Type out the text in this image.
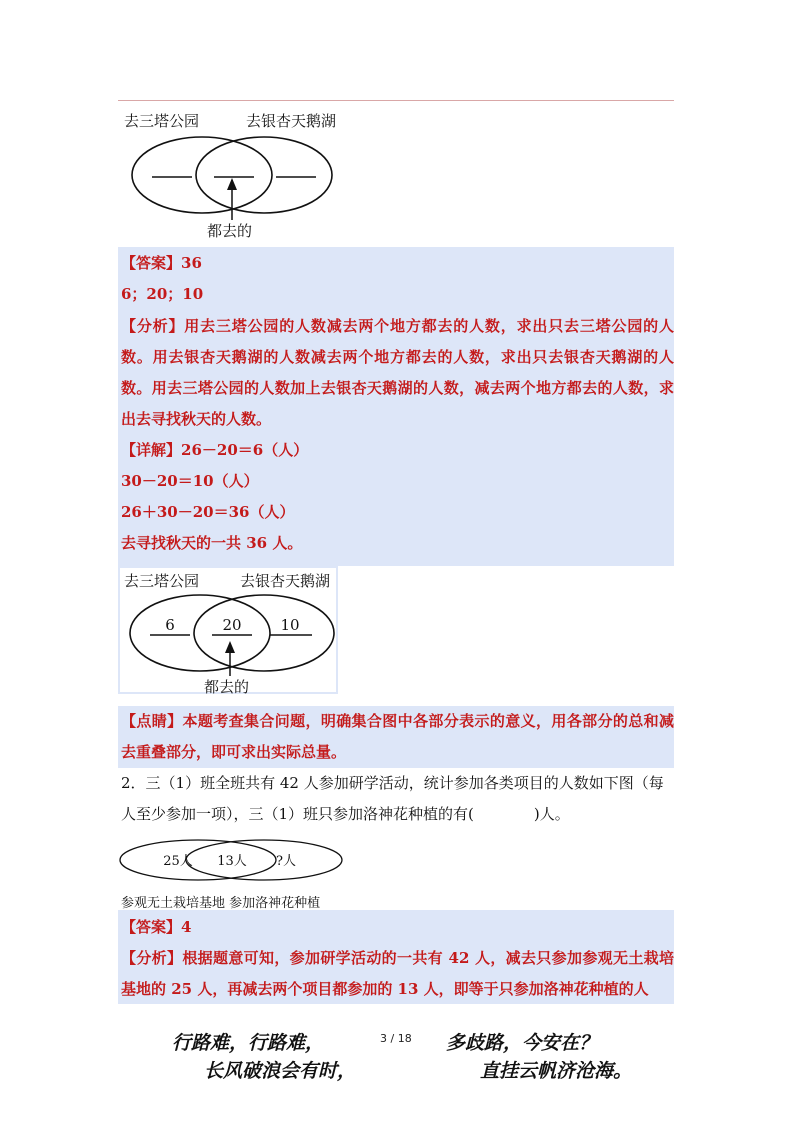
去三塔公园	去银杏天鹅湖
都去的
【答案】36
6；20；10
【分析】用去三塔公园的人数减去两个地方都去的人数，求出只去三塔公园的人数。用去银杏天鹅湖的人数减去两个地方都去的人数，求出只去银杏天鹅湖的人数。用去三塔公园的人数加上去银杏天鹅湖的人数，减去两个地方都去的人数，求出去寻找秋天的人数。
【详解】26－20＝6（人）
30－20＝10（人）
26＋30－20＝36（人）
去寻找秋天的一共 36 人。
去三塔公园	去银杏天鹅湖
6	20	10
都去的
【点睛】本题考查集合问题，明确集合图中各部分表示的意义，用各部分的总和减去重叠部分，即可求出实际总量。
2．三（1）班全班共有 42 人参加研学活动，统计参加各类项目的人数如下图（每人至少参加一项），三（1）班只参加洛神花种植的有(	)人。
25人 13人 ?人
参观无土栽培基地 参加洛神花种植
【答案】4
【分析】根据题意可知，参加研学活动的一共有 42 人，减去只参加参观无土栽培基地的 25 人，再减去两个项目都参加的 13 人，即等于只参加洛神花种植的人
行路难，行路难，	3 / 18 多歧路，今安在？
长风破浪会有时，	直挂云帆济沧海。
